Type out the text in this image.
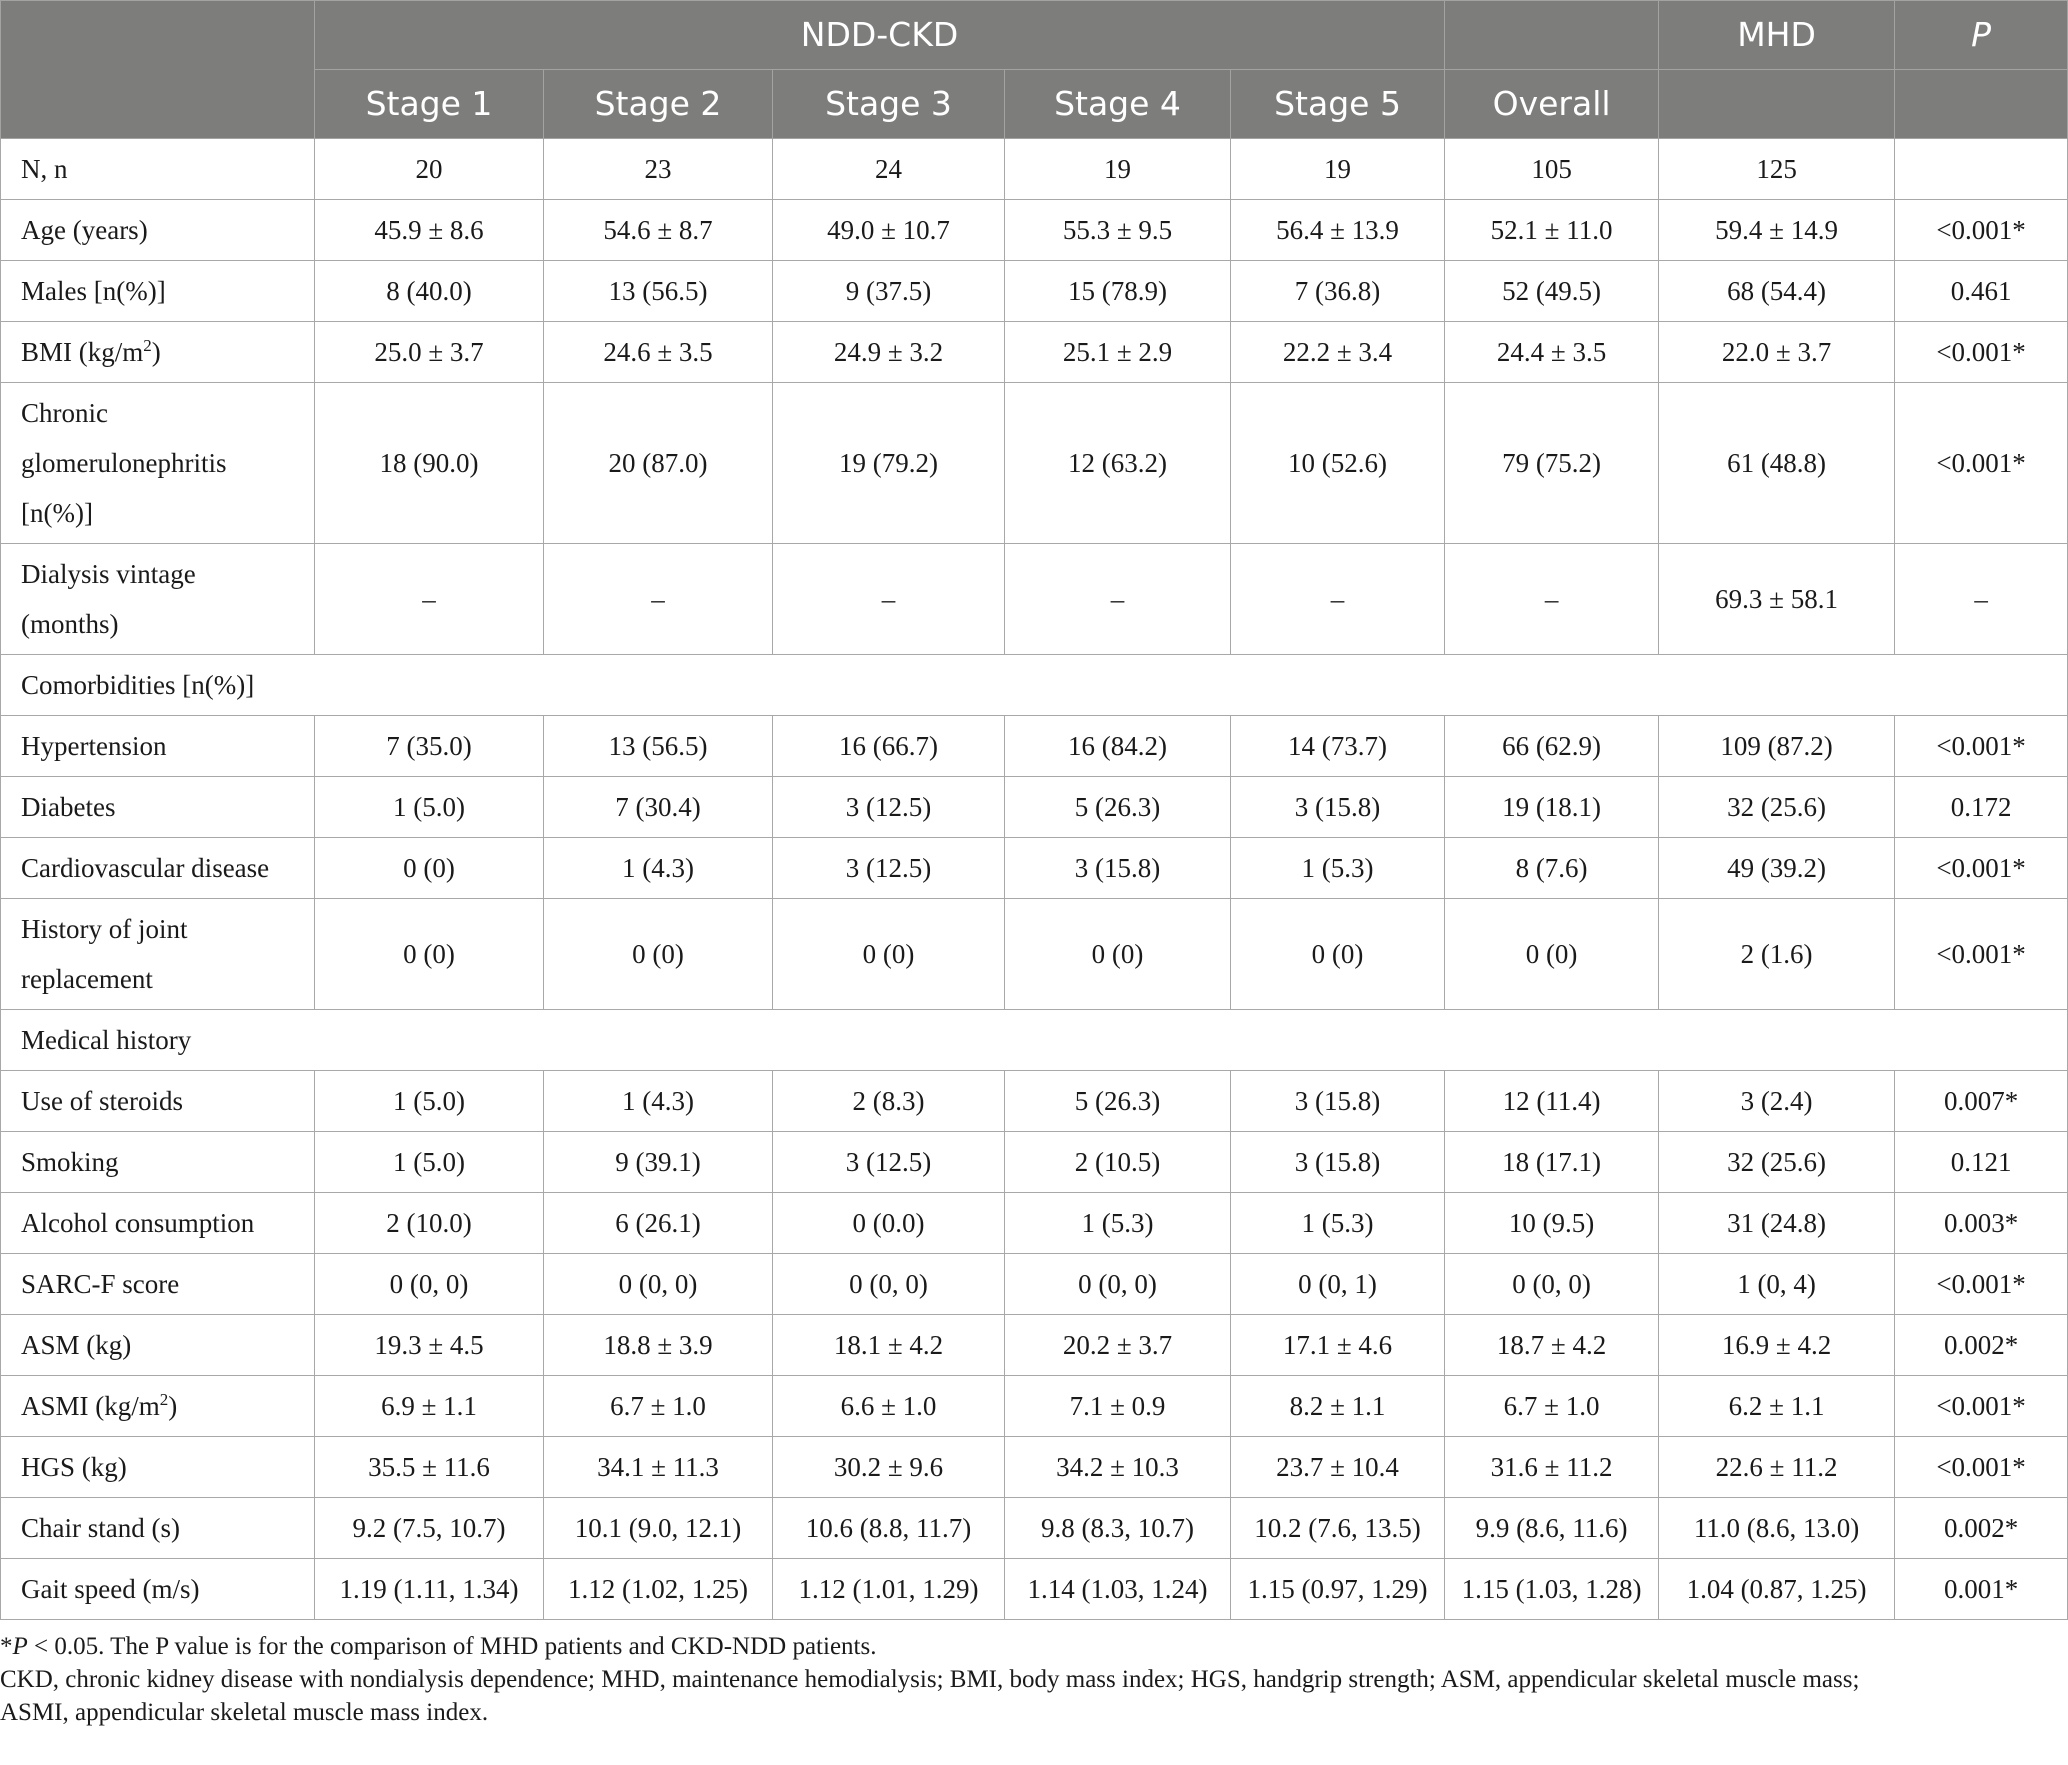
	NDD-CKD						MHD	P
	Stage 1	Stage 2	Stage 3	Stage 4	Stage 5	Overall		
N, n	20	23	24	19	19	105	125	
Age (years)	45.9 ± 8.6	54.6 ± 8.7	49.0 ± 10.7	55.3 ± 9.5	56.4 ± 13.9	52.1 ± 11.0	59.4 ± 14.9	<0.001*
Males [n(%)]	8 (40.0)	13 (56.5)	9 (37.5)	15 (78.9)	7 (36.8)	52 (49.5)	68 (54.4)	0.461
BMI $(kg/m^2)$	25.0 ± 3.7	24.6 ± 3.5	24.9 ± 3.2	25.1 ± 2.9	22.2 ± 3.4	24.4 ± 3.5	22.0 ± 3.7	<0.001*
Chronic
glomerulonephritis
[n(%)]	18 (90.0)	20 (87.0)	19 (79.2)	12 (63.2)	10 (52.6)	79 (75.2)	61 (48.8)	<0.001*
Dialysis vintage
(months)	–	–	–	–	–	–	69.3 ± 58.1	–
Comorbidities [n(%)]								
Hypertension	7 (35.0)	13 (56.5)	16 (66.7)	16 (84.2)	14 (73.7)	66 (62.9)	109 (87.2)	<0.001*
Diabetes	1 (5.0)	7 (30.4)	3 (12.5)	5 (26.3)	3 (15.8)	19 (18.1)	32 (25.6)	0.172
Cardiovascular disease	0 (0)	1 (4.3)	3 (12.5)	3 (15.8)	1 (5.3)	8 (7.6)	49 (39.2)	<0.001*
History of joint
replacement	0 (0)	0 (0)	0 (0)	0 (0)	0 (0)	0 (0)	2 (1.6)	<0.001*
Medical history								
Use of steroids	1 (5.0)	1 (4.3)	2 (8.3)	5 (26.3)	3 (15.8)	12 (11.4)	3 (2.4)	0.007*
Smoking	1 (5.0)	9 (39.1)	3 (12.5)	2 (10.5)	3 (15.8)	18 (17.1)	32 (25.6)	0.121
Alcohol consumption	2 (10.0)	6 (26.1)	0 (0.0)	1 (5.3)	1 (5.3)	10 (9.5)	31 (24.8)	0.003*
SARC-F score	0 (0, 0)	0 (0, 0)	0 (0, 0)	0 (0, 0)	0 (0, 1)	0 (0, 0)	1 (0, 4)	<0.001*
ASM (kg)	19.3 ± 4.5	18.8 ± 3.9	18.1 ± 4.2	20.2 ± 3.7	17.1 ± 4.6	18.7 ± 4.2	16.9 ± 4.2	0.002*
ASMI $(kg/m^2)$	6.9 ± 1.1	6.7 ± 1.0	6.6 ± 1.0	7.1 ± 0.9	8.2 ± 1.1	6.7 ± 1.0	6.2 ± 1.1	<0.001*
HGS (kg)	35.5 ± 11.6	34.1 ± 11.3	30.2 ± 9.6	34.2 ± 10.3	23.7 ± 10.4	31.6 ± 11.2	22.6 ± 11.2	<0.001*
Chair stand (s)	9.2 (7.5, 10.7)	10.1 (9.0, 12.1)	10.6 (8.8, 11.7)	9.8 (8.3, 10.7)	10.2 (7.6, 13.5)	9.9 (8.6, 11.6)	11.0 (8.6, 13.0)	0.002*
Gait speed (m/s)	1.19 (1.11, 1.34)	1.12 (1.02, 1.25)	1.12 (1.01, 1.29)	1.14 (1.03, 1.24)	1.15 (0.97, 1.29)	1.15 (1.03, 1.28)	1.04 (0.87, 1.25)	0.001*

*P < 0.05. The P value is for the comparison of MHD patients and CKD-NDD patients.

CKD, chronic kidney disease with nondialysis dependence; MHD, maintenance hemodialysis; BMI, body mass index; HGS, handgrip strength; ASM, appendicular skeletal muscle mass;

ASMI, appendicular skeletal muscle mass index.
